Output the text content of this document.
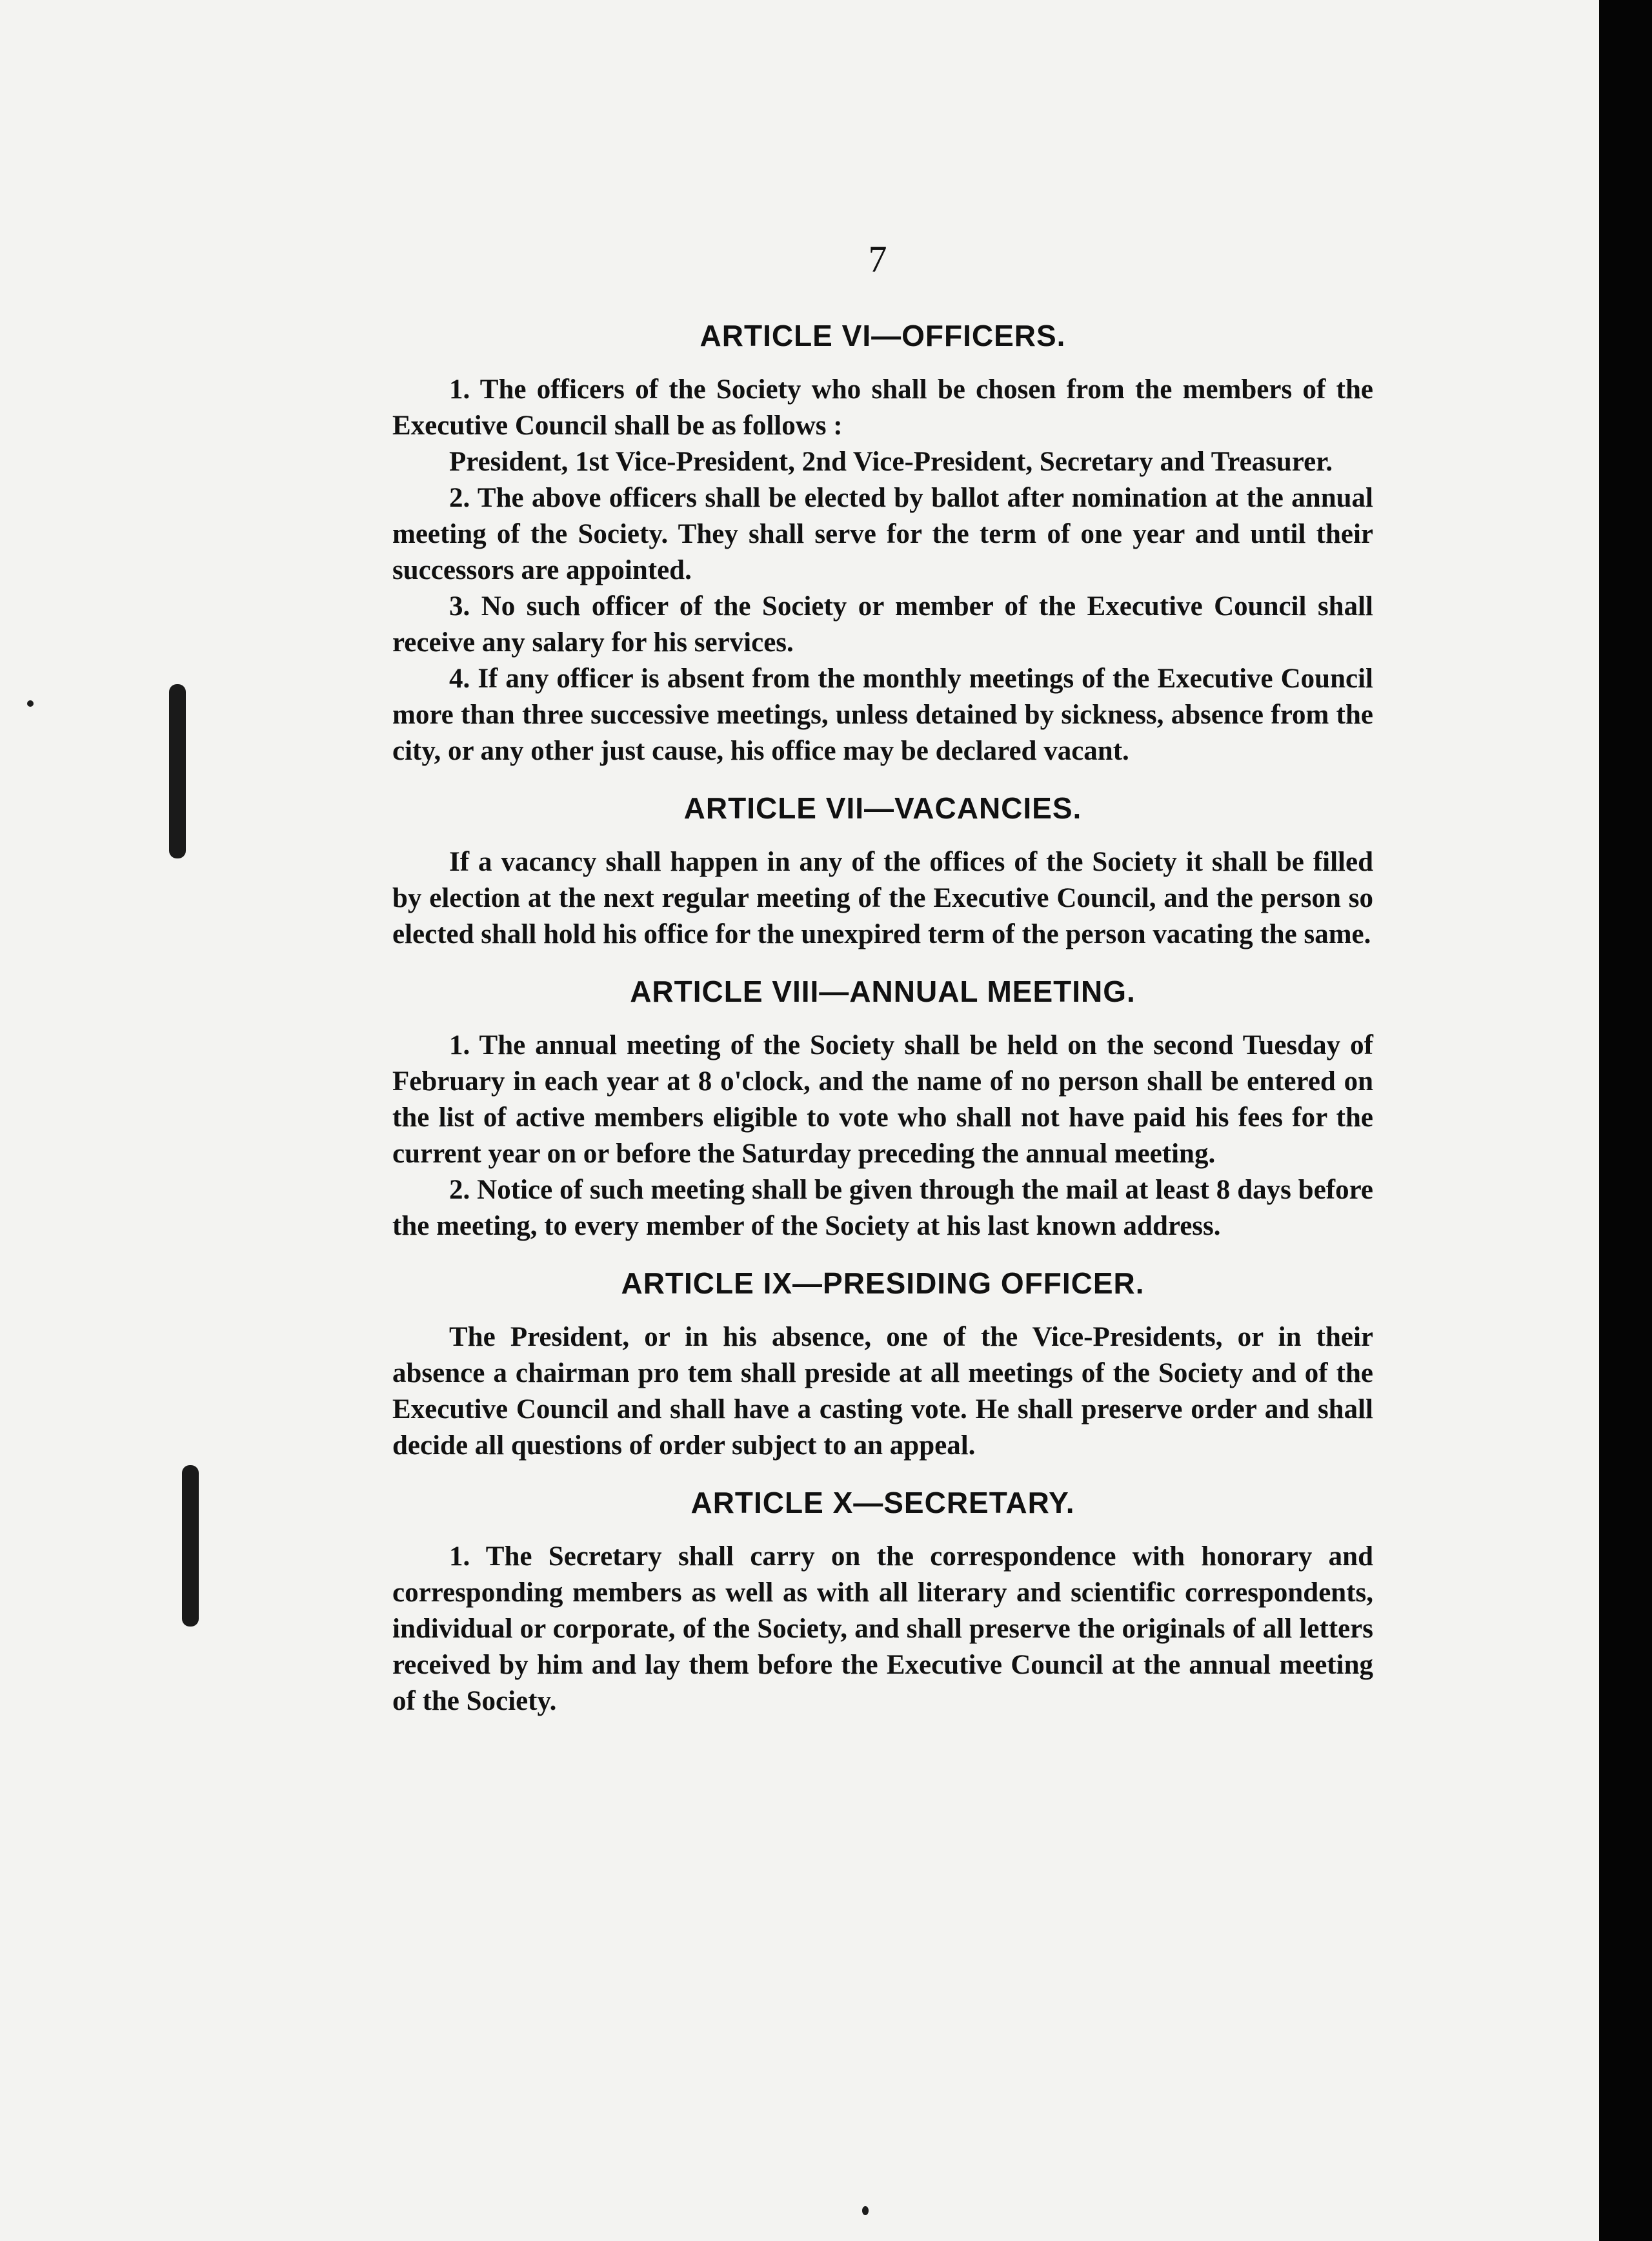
7
ARTICLE VI—OFFICERS.

1. The officers of the Society who shall be chosen from the members of the Executive Council shall be as follows :

President, 1st Vice-President, 2nd Vice-President, Secretary and Treasurer.

2. The above officers shall be elected by ballot after nomination at the annual meeting of the Society. They shall serve for the term of one year and until their successors are appointed.

3. No such officer of the Society or member of the Executive Council shall receive any salary for his services.

4. If any officer is absent from the monthly meetings of the Executive Council more than three successive meetings, unless detained by sickness, absence from the city, or any other just cause, his office may be declared vacant.

ARTICLE VII—VACANCIES.

If a vacancy shall happen in any of the offices of the Society it shall be filled by election at the next regular meeting of the Executive Council, and the person so elected shall hold his office for the unexpired term of the person vacating the same.

ARTICLE VIII—ANNUAL MEETING.

1. The annual meeting of the Society shall be held on the second Tuesday of February in each year at 8 o'clock, and the name of no person shall be entered on the list of active members eligible to vote who shall not have paid his fees for the current year on or before the Saturday preceding the annual meeting.

2. Notice of such meeting shall be given through the mail at least 8 days before the meeting, to every member of the Society at his last known address.

ARTICLE IX—PRESIDING OFFICER.

The President, or in his absence, one of the Vice-Presidents, or in their absence a chairman pro tem shall preside at all meetings of the Society and of the Executive Council and shall have a casting vote. He shall preserve order and shall decide all questions of order subject to an appeal.

ARTICLE X—SECRETARY.

1. The Secretary shall carry on the correspondence with honorary and corresponding members as well as with all literary and scientific correspondents, individual or corporate, of the Society, and shall preserve the originals of all letters received by him and lay them before the Executive Council at the annual meeting of the Society.
